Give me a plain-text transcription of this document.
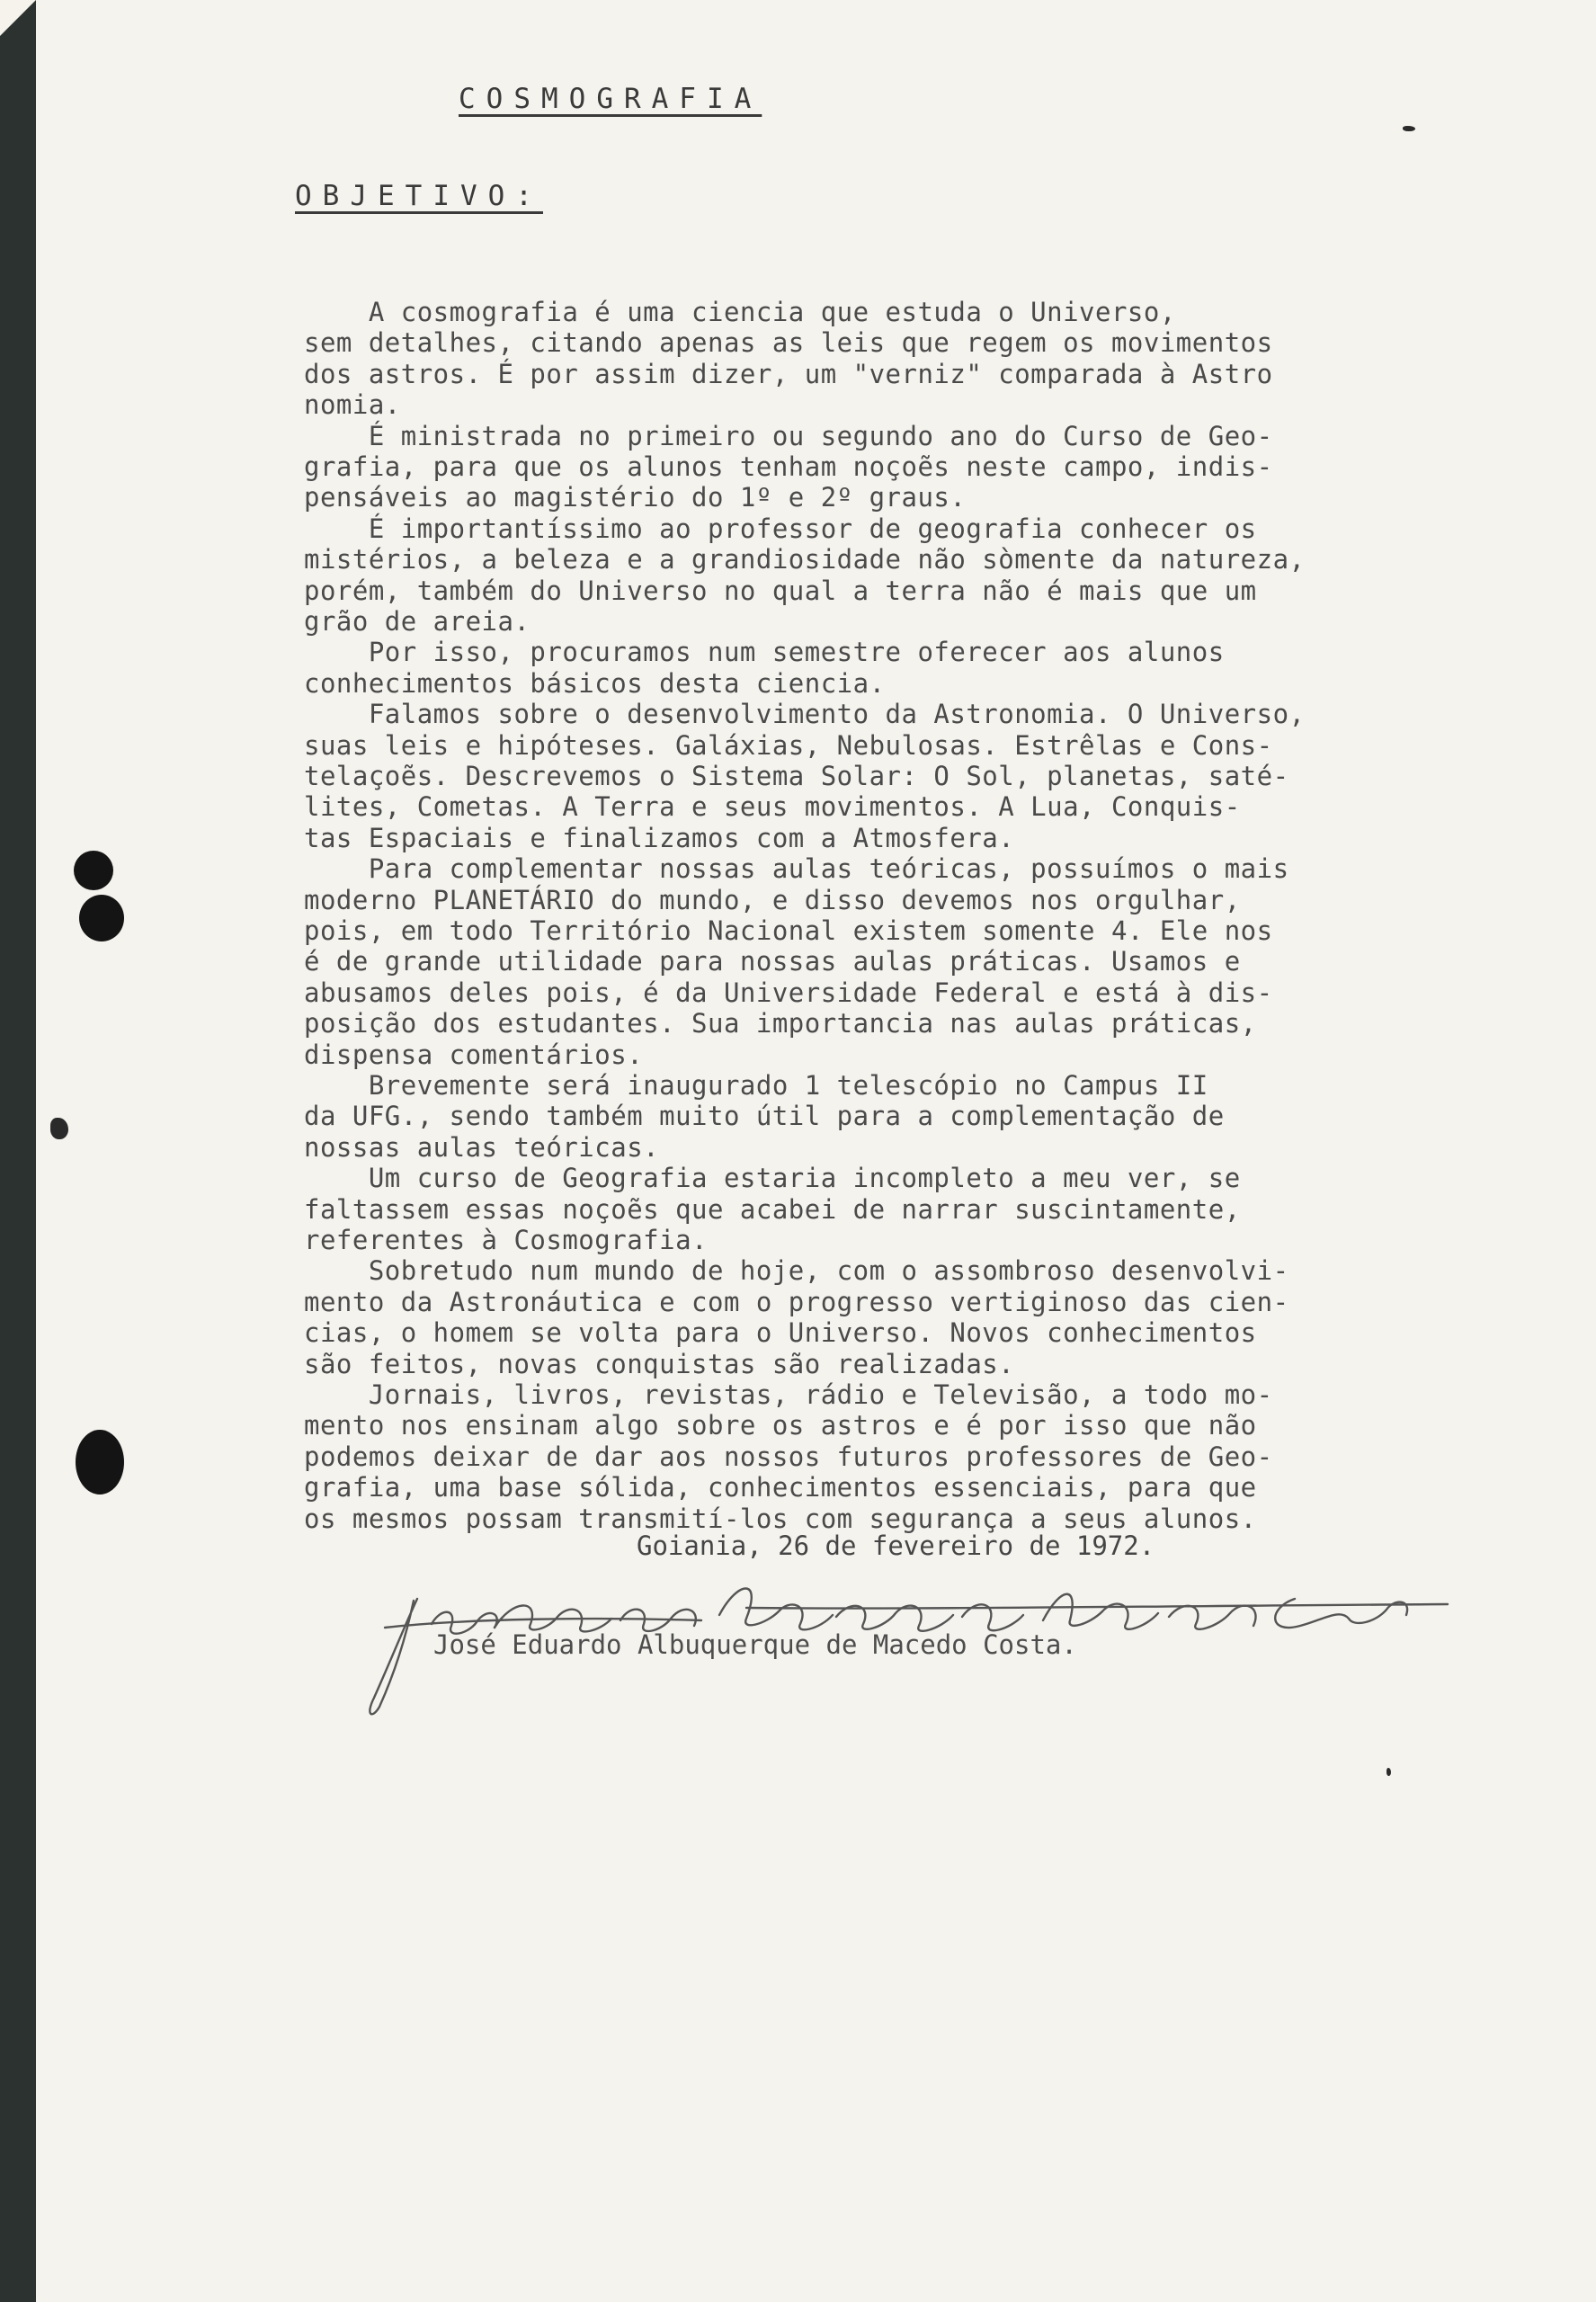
COSMOGRAFIA
OBJETIVO:
A cosmografia é uma ciencia que estuda o Universo,
sem detalhes, citando apenas as leis que regem os movimentos
dos astros. É por assim dizer, um "verniz" comparada à Astro
nomia.
É ministrada no primeiro ou segundo ano do Curso de Geo-
grafia, para que os alunos tenham noçoẽs neste campo, indis-
pensáveis ao magistério do 1º e 2º graus.
É importantíssimo ao professor de geografia conhecer os
mistérios, a beleza e a grandiosidade não sòmente da natureza,
porém, também do Universo no qual a terra não é mais que um
grão de areia.
Por isso, procuramos num semestre oferecer aos alunos
conhecimentos básicos desta ciencia.
Falamos sobre o desenvolvimento da Astronomia. O Universo,
suas leis e hipóteses. Galáxias, Nebulosas. Estrêlas e Cons-
telaçoẽs. Descrevemos o Sistema Solar: O Sol, planetas, saté-
lites, Cometas. A Terra e seus movimentos. A Lua, Conquis-
tas Espaciais e finalizamos com a Atmosfera.
Para complementar nossas aulas teóricas, possuímos o mais
moderno PLANETÁRIO do mundo, e disso devemos nos orgulhar,
pois, em todo Território Nacional existem somente 4. Ele nos
é de grande utilidade para nossas aulas práticas. Usamos e
abusamos deles pois, é da Universidade Federal e está à dis-
posição dos estudantes. Sua importancia nas aulas práticas,
dispensa comentários.
Brevemente será inaugurado 1 telescópio no Campus II
da UFG., sendo também muito útil para a complementação de
nossas aulas teóricas.
Um curso de Geografia estaria incompleto a meu ver, se
faltassem essas noçoẽs que acabei de narrar suscintamente,
referentes à Cosmografia.
Sobretudo num mundo de hoje, com o assombroso desenvolvi-
mento da Astronáutica e com o progresso vertiginoso das cien-
cias, o homem se volta para o Universo. Novos conhecimentos
são feitos, novas conquistas são realizadas.
Jornais, livros, revistas, rádio e Televisão, a todo mo-
mento nos ensinam algo sobre os astros e é por isso que não
podemos deixar de dar aos nossos futuros professores de Geo-
grafia, uma base sólida, conhecimentos essenciais, para que
os mesmos possam transmití-los com segurança a seus alunos.
Goiania, 26 de fevereiro de 1972.
José Eduardo Albuquerque de Macedo Costa.
